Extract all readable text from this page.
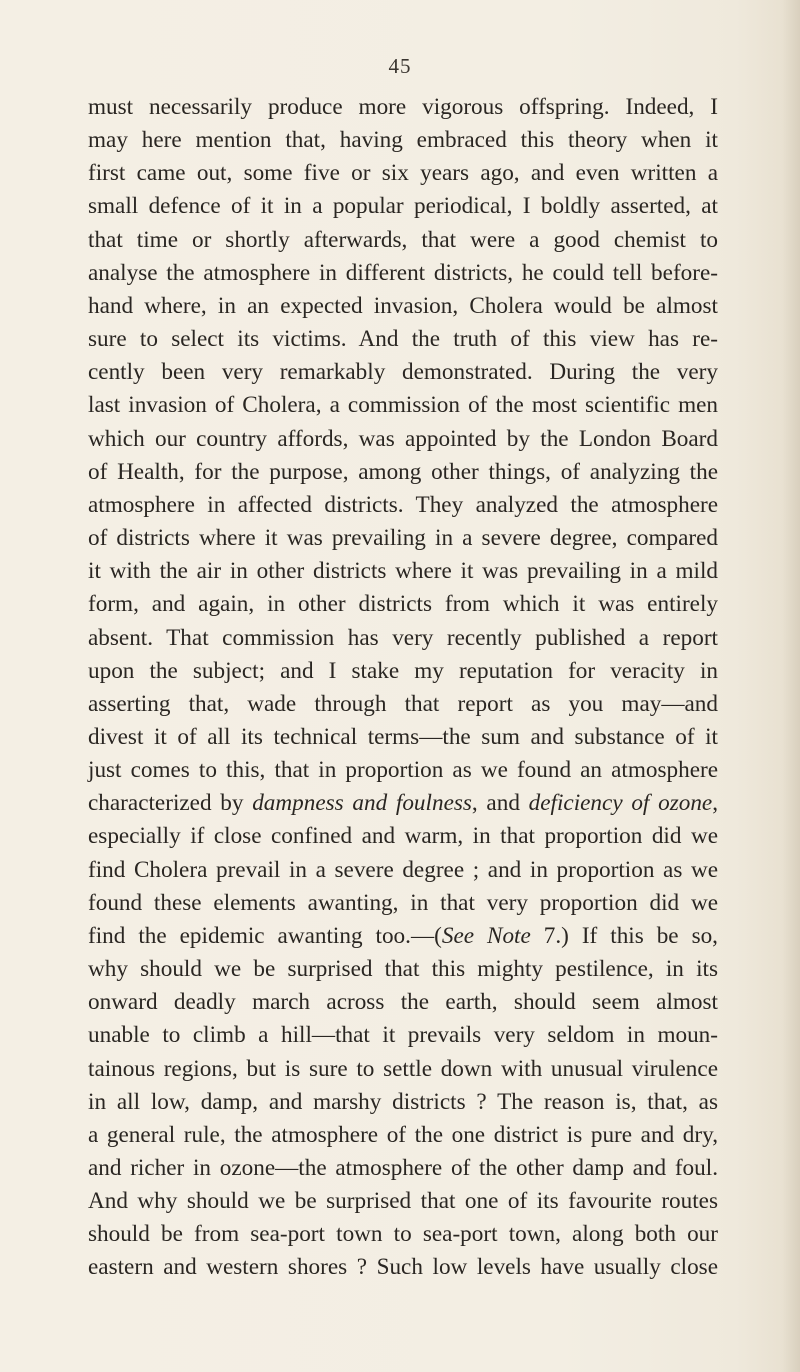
45
must necessarily produce more vigorous offspring. Indeed, I
may here mention that, having embraced this theory when it
first came out, some five or six years ago, and even written a
small defence of it in a popular periodical, I boldly asserted, at
that time or shortly afterwards, that were a good chemist to
analyse the atmosphere in different districts, he could tell before-
hand where, in an expected invasion, Cholera would be almost
sure to select its victims. And the truth of this view has re-
cently been very remarkably demonstrated. During the very
last invasion of Cholera, a commission of the most scientific men
which our country affords, was appointed by the London Board
of Health, for the purpose, among other things, of analyzing the
atmosphere in affected districts. They analyzed the atmosphere
of districts where it was prevailing in a severe degree, compared
it with the air in other districts where it was prevailing in a mild
form, and again, in other districts from which it was entirely
absent. That commission has very recently published a report
upon the subject; and I stake my reputation for veracity in
asserting that, wade through that report as you may—and
divest it of all its technical terms—the sum and substance of it
just comes to this, that in proportion as we found an atmosphere
characterized by dampness and foulness, and deficiency of ozone,
especially if close confined and warm, in that proportion did we
find Cholera prevail in a severe degree ; and in proportion as we
found these elements awanting, in that very proportion did we
find the epidemic awanting too.—(See Note 7.) If this be so,
why should we be surprised that this mighty pestilence, in its
onward deadly march across the earth, should seem almost
unable to climb a hill—that it prevails very seldom in moun-
tainous regions, but is sure to settle down with unusual virulence
in all low, damp, and marshy districts ? The reason is, that, as
a general rule, the atmosphere of the one district is pure and dry,
and richer in ozone—the atmosphere of the other damp and foul.
And why should we be surprised that one of its favourite routes
should be from sea-port town to sea-port town, along both our
eastern and western shores ? Such low levels have usually close
